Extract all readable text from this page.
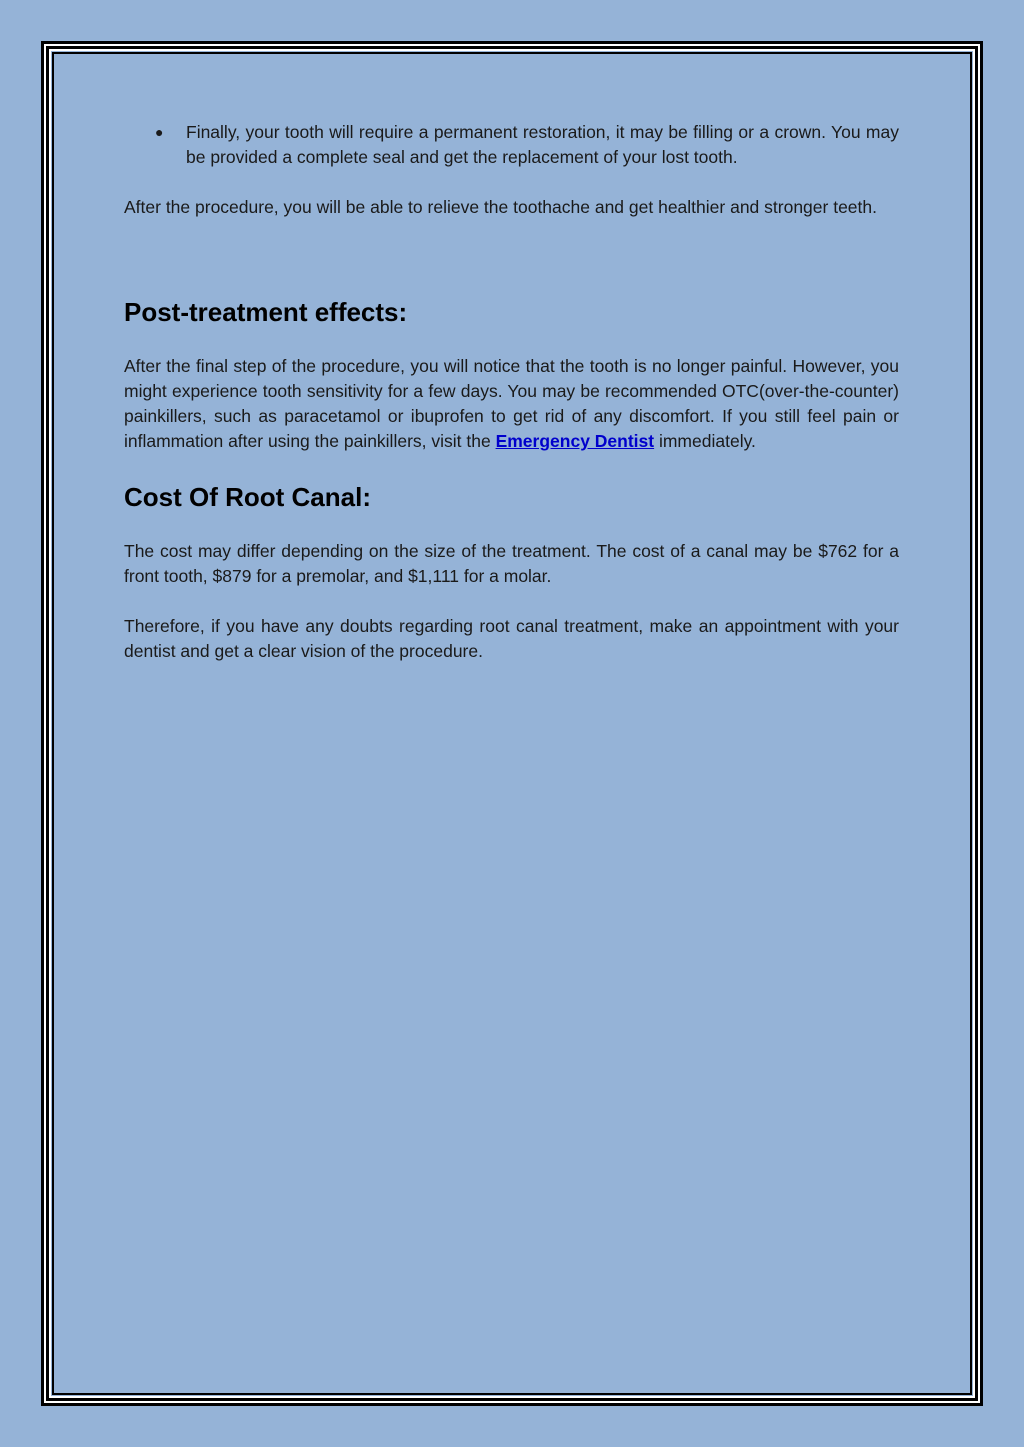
● Finally, your tooth will require a permanent restoration, it may be filling or a crown. You may be provided a complete seal and get the replacement of your lost tooth.

After the procedure, you will be able to relieve the toothache and get healthier and stronger teeth.

Post-treatment effects:

After the final step of the procedure, you will notice that the tooth is no longer painful. However, you might experience tooth sensitivity for a few days. You may be recommended OTC(over-the-counter) painkillers, such as paracetamol or ibuprofen to get rid of any discomfort. If you still feel pain or inflammation after using the painkillers, visit the Emergency Dentist immediately.

Cost Of Root Canal:

The cost may differ depending on the size of the treatment. The cost of a canal may be $762 for a front tooth, $879 for a premolar, and $1,111 for a molar.

Therefore, if you have any doubts regarding root canal treatment, make an appointment with your dentist and get a clear vision of the procedure.
